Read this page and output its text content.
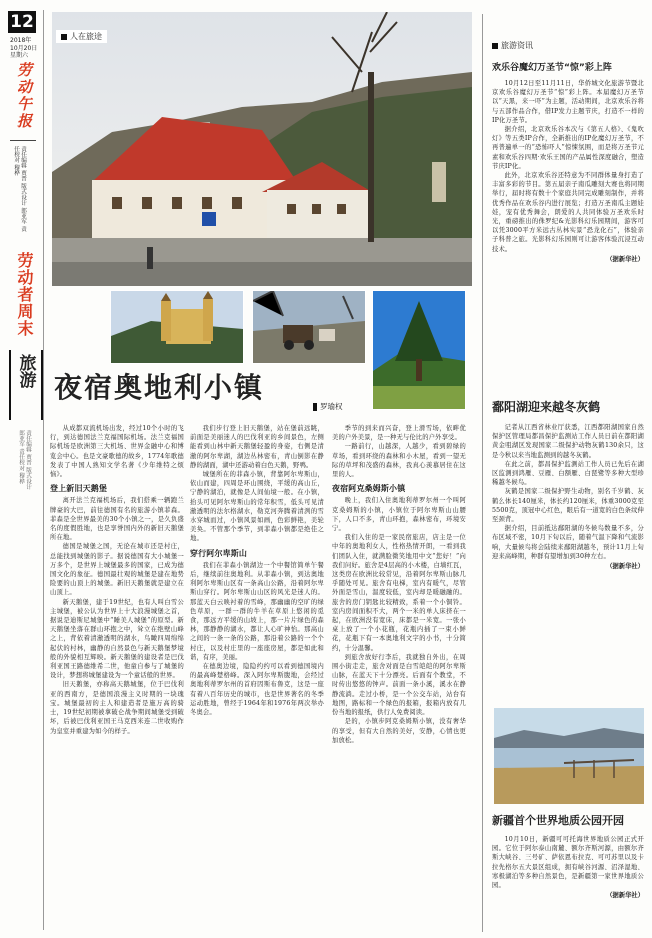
12
2018年
10月20日
星期六
劳动午报
责任编辑 贾晋 版式设计 郎亚军 责任校对 穆桦
劳动者周末
旅游
责任编辑 贾晋 版式设计 郎亚军 责任校对 穆桦
人在旅途
夜宿奥地利小镇
罗瑜权

从成都双流机场出发，经过10个小时的飞行，到达德国法兰克福国际机场。法兰克福国际机场是欧洲第三大机场、世界金融中心和博览会中心。也是文豪歌德的故乡，1774年歌德发表了中国人熟知文学名著《少年维特之烦恼》。

登上新旧天鹅堡

离开法兰克福机场后，我们搭乘一辆跑兰牌豪的大巴，前往德国有名的旅游小镇菲森。菲森是全世界最美的30个小镇之一，是久负盛名的度假胜地，也是享誉国内外的新旧天鹅堡所在地。

德国是城堡之国，无论在城市还是村庄，总能找到城堡的影子。据说德国有大小城堡一万多个，是世界上城堡最多的国家，已成为德国文化的象征。德国最壮观的城堡是建在地势险要的山顶上的城堡。新旧天鹅堡就是建立在山顶上。

新天鹅堡，建于19世纪，也有人叫白雪公主城堡，被公认为世界上十大浪漫城堡之首，据说是迪斯尼城堡中“睡美人城堡”的原型。新天鹅堡坐落在群山环抱之中，耸立在绝壁山峰之上，背依着清澈透明的湖水，鸟瞰四周绵绵起伏的村林，幽静的自然景色与新天鹅堡梦境般的外貌相互辉映。新天鹅堡的建设者是巴伐利亚国王路德维希二世，他童自参与了城堡的设计，梦想将城堡建设为一个童话般的世界。

旧天鹅堡，亦称高天鹅城堡，位于巴伐利亚的西南方，是德国浪漫主义时期的一块瑰宝。城堡最初的主人和建造者是施万高的骑士，19世纪初期被拿破仑战争期间城堡受到破坏，后被巴伐利亚国王马克西米连二世收购作为皇室并重建为如今的样子。

我们步行登上旧天鹅堡，站在堡前远眺，前面是美丽迷人的巴伐利亚的乡间景色，左侧能看到山林中新天鹅堡轻盈的身姿，右侧是清澈的阿尔卑湖，湖边丛林密布，青山倒影在静静的湖面，湖中还游动着白色天鹅，野鸭。

城堡所在的菲森小镇，背靠阿尔卑斯山，依山而建，四周是环山围绕，平缓的高山丘，宁静的湖泊，就像是人间仙境一般。在小镇，抬头可见阿尔卑斯山的常年积雪，低头可见清澈透明的法尔格湖水，勒克河奔腾着清洌的雪水穿城而过，小镇风景如画，色彩鲜艳，美轮美奂。不管那个季节，到菲森小镇都是绝佳之地。

穿行阿尔卑斯山

我们在菲森小镇湖边一个中餐馆简单午餐后，继续前往奥地利。从菲森小镇，到达奥地利阿尔卑斯山区有一条高山公路，沿着阿尔卑斯山穿行。阿尔卑斯山山区的风光是迷人的。那蓝天白云映衬着的雪峰，那幽幽的空旷的绿色草原，一群一群的牛羊在草原上悠闲的觅食，那远方平缓的山坡上，那一片片绿色的森林，那静静的湖水，都让人心旷神怡。那高山之间的一条一条的公路，那沿着公路的一个个村庄，以及村庄里的一座座房屋，都是如此和谐，有序，美丽。

在德奥边境，隐隐约约可以看到德国境内的最高峰楚格峰。深入阿尔卑斯腹地，会经过奥地利蒂罗尔州的首府因斯布鲁克，这是一座有着八百年历史的城市，也是世界著名的冬季运动胜地，曾经于1964年和1976年两次举办冬奥会。

季节的到来而兴奋，登上滑雪场，依畔优美的户外美景，是一种无与伦比的户外享受。

一路前行，山越深，人越少，看到碧绿的草场，看到环绕的森林和小木屋，看到一望无际的草坪和茂盛的森林，我真心羡慕居住在这里的人。

夜宿阿克桑姆斯小镇

晚上，我们入住奥地利蒂罗尔州一个叫阿克桑姆斯的小镇，小镇位于阿尔卑斯山山腰下，人口不多，青山环抱，森林密布，环境安宁。

我们入住的是一家民宿旅店，店主是一位中年的奥地利女人，性格热情开朗，一看到我们团队入住，就满脸微笑地用中文“您好！”向我们问好。旅舍是4层高的小木楼，白墙红瓦，这类房在欧洲比较常见，沿着阿尔卑斯山脉几乎随处可见。旅舍有电梯，室内有暖气，尽管外面是雪山，温度较低，室内却是暖融融的。旅舍的房门钥匙比较精致，系着一个小铜铃。室内房间面积不大，两个一米的单人床挤在一起，在欧洲没有宽床，床都是一米宽。一张小桌上放了一个小花瓶，花瓶内插了一束小鲜花，花瓶下有一本奥地利文字的小书，十分简约，十分温馨。

到旅舍放好行李后，我就独自外出，在周围小街走走，旅舍对面是白雪皑皑的阿尔卑斯山脉，在蓝天下十分漂亮。后面有个教堂，不时传出悠悠的钟声。前面一条小溪，溪水在静静流淌。走过小桥，是一个公交车站，站台有地图，路标和一个绿色的报箱，报箱内放有几份当地的报纸，供行人免费阅读。

是的，小镇步阿克桑姆斯小镇，没有奢华的享受，但有大自然的美好，安静，心情也更加放松。

旅游资讯
欢乐谷魔幻万圣节“惊”彩上阵

10月12日至11月11日，华侨城文化旅游节暨北京欢乐谷魔幻万圣节“惊”彩上阵。本届魔幻万圣节以“天黑，来一吓”为主题，活动期间，北京欢乐谷将与五部作品合作，借IP发力主题节庆，打造不一样的IP化万圣节。

据介绍，北京欢乐谷本次与《第五人格》、《鬼吹灯》等五类IP合作，全新推出的IP化魔幻万圣节，不再普遍单一的“恐怖吓人”惊悚氛围，而是将万圣节元素和欢乐谷四期·欢乐王国的产品属性深度融合，塑造节庆IP化。

此外，北京欢乐谷还特意为不同群体量身打造了丰富多彩的节目。第五届亲子南瓜雕刻大赛也将同期举行，届时将有数十个家庭共同完成雕刻制作，并将优秀作品在欢乐谷内进行展览；打造万圣南瓜主题娃娃，宠有优秀舞会，朗爱的人共同体验万圣欢乐时光，重磅推出的侏罗纪&光影科幻乐园期间，游客可以凭3000平方米远古丛林实景“恐龙化石”，体验亲子科普之旅。光影科幻乐园则可让游客体验沉浸互动技术。

（据新华社）
鄱阳湖迎来越冬灰鹤

记者从江西省林业厅获悉，江西都阳湖国家自然保护区管理局都昌保护监测站工作人员日前在都阳湖黄金咀湖区发现国家二级保护动物灰鹤130余只，这是今秋以来当地监测到的越冬灰鹤。

在此之前，都昌保护监测站工作人员已先后在湖区监测到鸿雁、豆雁、白额雁、白琵鹭等多种大型珍稀越冬候鸟。

灰鹤是国家二级保护野生动物，别名千岁鹤、灰鹤么体长140厘米，体长约120厘米，体重3000克至5500克，顶冠中心红色，眼后有一道宽的白色条纹伸至颈背。

据介绍，目前抵达鄱阳湖的冬候鸟数量不多，分布区域不密，10月下旬以后，随着气温下降和气流影响，大量候鸟将会陆续来鄱阳湖越冬，预计11月上旬迎来高峰期，种群有望增加到30种左右。

（据新华社）
新疆首个世界地质公园开园

10月10日，新疆可可托海世界地质公园正式开园。它位于阿尔泰山南麓、额尔齐斯河源，由额尔齐斯大峡谷、三号矿、萨依恩布拉克、可可苏里以及卡拉先格尔五大景区组成，拥有峡谷河源、沼泽湿地、寒极湖泊等多种自然景色，是新疆第一家世界地质公园。

（据新华社）
